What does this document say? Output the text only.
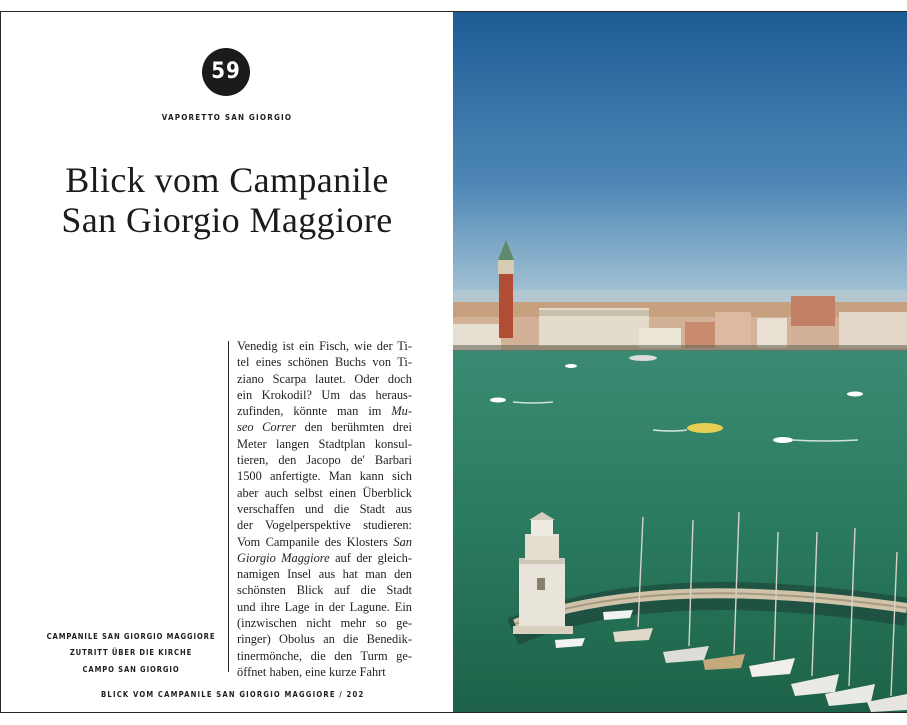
59
VAPORETTO SAN GIORGIO
Blick vom Campanile
San Giorgio Maggiore
Venedig ist ein Fisch, wie der Ti-
tel eines schönen Buchs von Ti-
ziano Scarpa lautet. Oder doch
ein Krokodil? Um das heraus-
zufinden, könnte man im Mu-
seo Correr den berühmten drei
Meter langen Stadtplan konsul-
tieren, den Jacopo de' Barbari
1500 anfertigte. Man kann sich
aber auch selbst einen Überblick
verschaffen und die Stadt aus
der Vogelperspektive studieren:
Vom Campanile des Klosters San
Giorgio Maggiore auf der gleich-
namigen Insel aus hat man den
schönsten Blick auf die Stadt
und ihre Lage in der Lagune. Ein
(inzwischen nicht mehr so ge-
ringer) Obolus an die Benedik-
tinermönche, die den Turm ge-
öffnet haben, eine kurze Fahrt
CAMPANILE SAN GIORGIO MAGGIORE
ZUTRITT ÜBER DIE KIRCHE
CAMPO SAN GIORGIO
BLICK VOM CAMPANILE SAN GIORGIO MAGGIORE / 202
